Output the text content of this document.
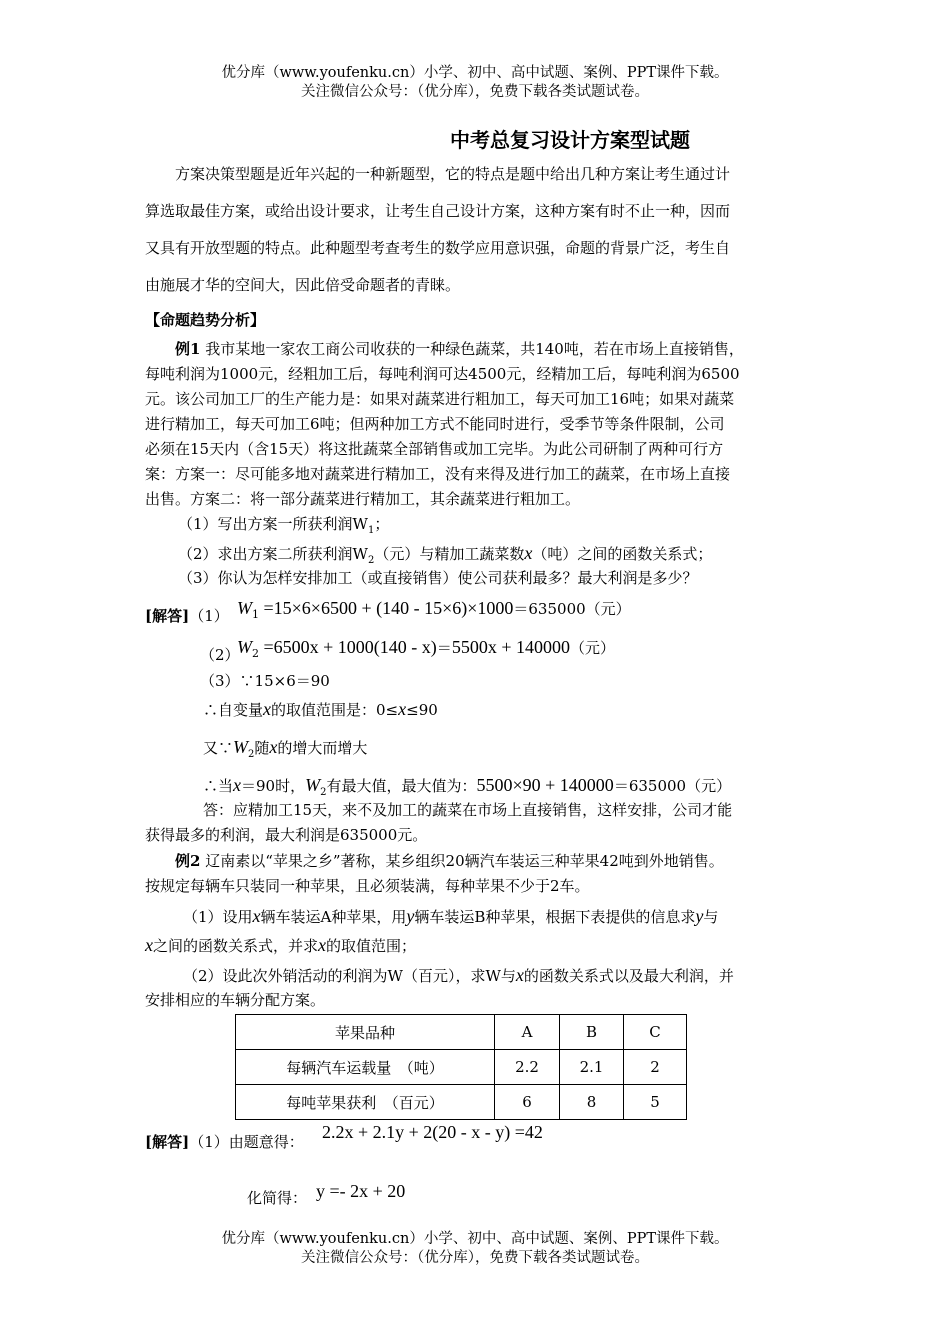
优分库（www.youfenku.cn）小学、初中、高中试题、案例、PPT课件下载。
关注微信公众号：（优分库），免费下载各类试题试卷。
中考总复习设计方案型试题
方案决策型题是近年兴起的一种新题型，它的特点是题中给出几种方案让考生通过计
算选取最佳方案，或给出设计要求，让考生自己设计方案，这种方案有时不止一种，因而
又具有开放型题的特点。此种题型考查考生的数学应用意识强，命题的背景广泛，考生自
由施展才华的空间大，因此倍受命题者的青睐。
【命题趋势分析】
例1 我市某地一家农工商公司收获的一种绿色蔬菜，共140吨，若在市场上直接销售，
每吨利润为1000元，经粗加工后，每吨利润可达4500元，经精加工后，每吨利润为6500
元。该公司加工厂的生产能力是：如果对蔬菜进行粗加工，每天可加工16吨；如果对蔬菜
进行精加工，每天可加工6吨；但两种加工方式不能同时进行，受季节等条件限制，公司
必须在15天内（含15天）将这批蔬菜全部销售或加工完毕。为此公司研制了两种可行方
案：方案一：尽可能多地对蔬菜进行精加工，没有来得及进行加工的蔬菜，在市场上直接
出售。方案二：将一部分蔬菜进行精加工，其余蔬菜进行粗加工。
（1）写出方案一所获利润$W_1$；
（2）求出方案二所获利润$W_2$（元）与精加工蔬菜数x（吨）之间的函数关系式；
（3）你认为怎样安排加工（或直接销售）使公司获利最多？最大利润是多少？
[解答]（1） $W_1 =15\times 6\times 6500 + (140 - 15\times 6)\times 1000=635000$（元）
（2）
$W_2 =6500x + 1000(140 - x)=5500x + 140000$（元）
（3）∵15×6＝90
∴自变量x的取值范围是：0≤x≤90
又$\because W_2$随x的增大而增大
∴当x＝90时，$W_2$有最大值，最大值为：5500×90 + 140000＝635000（元）
答：应精加工15天，来不及加工的蔬菜在市场上直接销售，这样安排，公司才能
获得最多的利润，最大利润是635000元。
例2 辽南素以“苹果之乡”著称，某乡组织20辆汽车装运三种苹果42吨到外地销售。
按规定每辆车只装同一种苹果，且必须装满，每种苹果不少于2车。
（1）设用x辆车装运A种苹果，用y辆车装运B种苹果，根据下表提供的信息求y与
x之间的函数关系式，并求x的取值范围；
（2）设此次外销活动的利润为W（百元），求W与x的函数关系式以及最大利润，并
安排相应的车辆分配方案。
苹果品种	A	B	C
每辆汽车运载量　（吨）	2.2	2.1	2
每吨苹果获利　（百元）	6	8	5
[解答]（1）由题意得： 2.2x + 2.1y + 2(20 - x - y) =42
化简得： y =- 2x + 20
优分库（www.youfenku.cn）小学、初中、高中试题、案例、PPT课件下载。
关注微信公众号：（优分库），免费下载各类试题试卷。
